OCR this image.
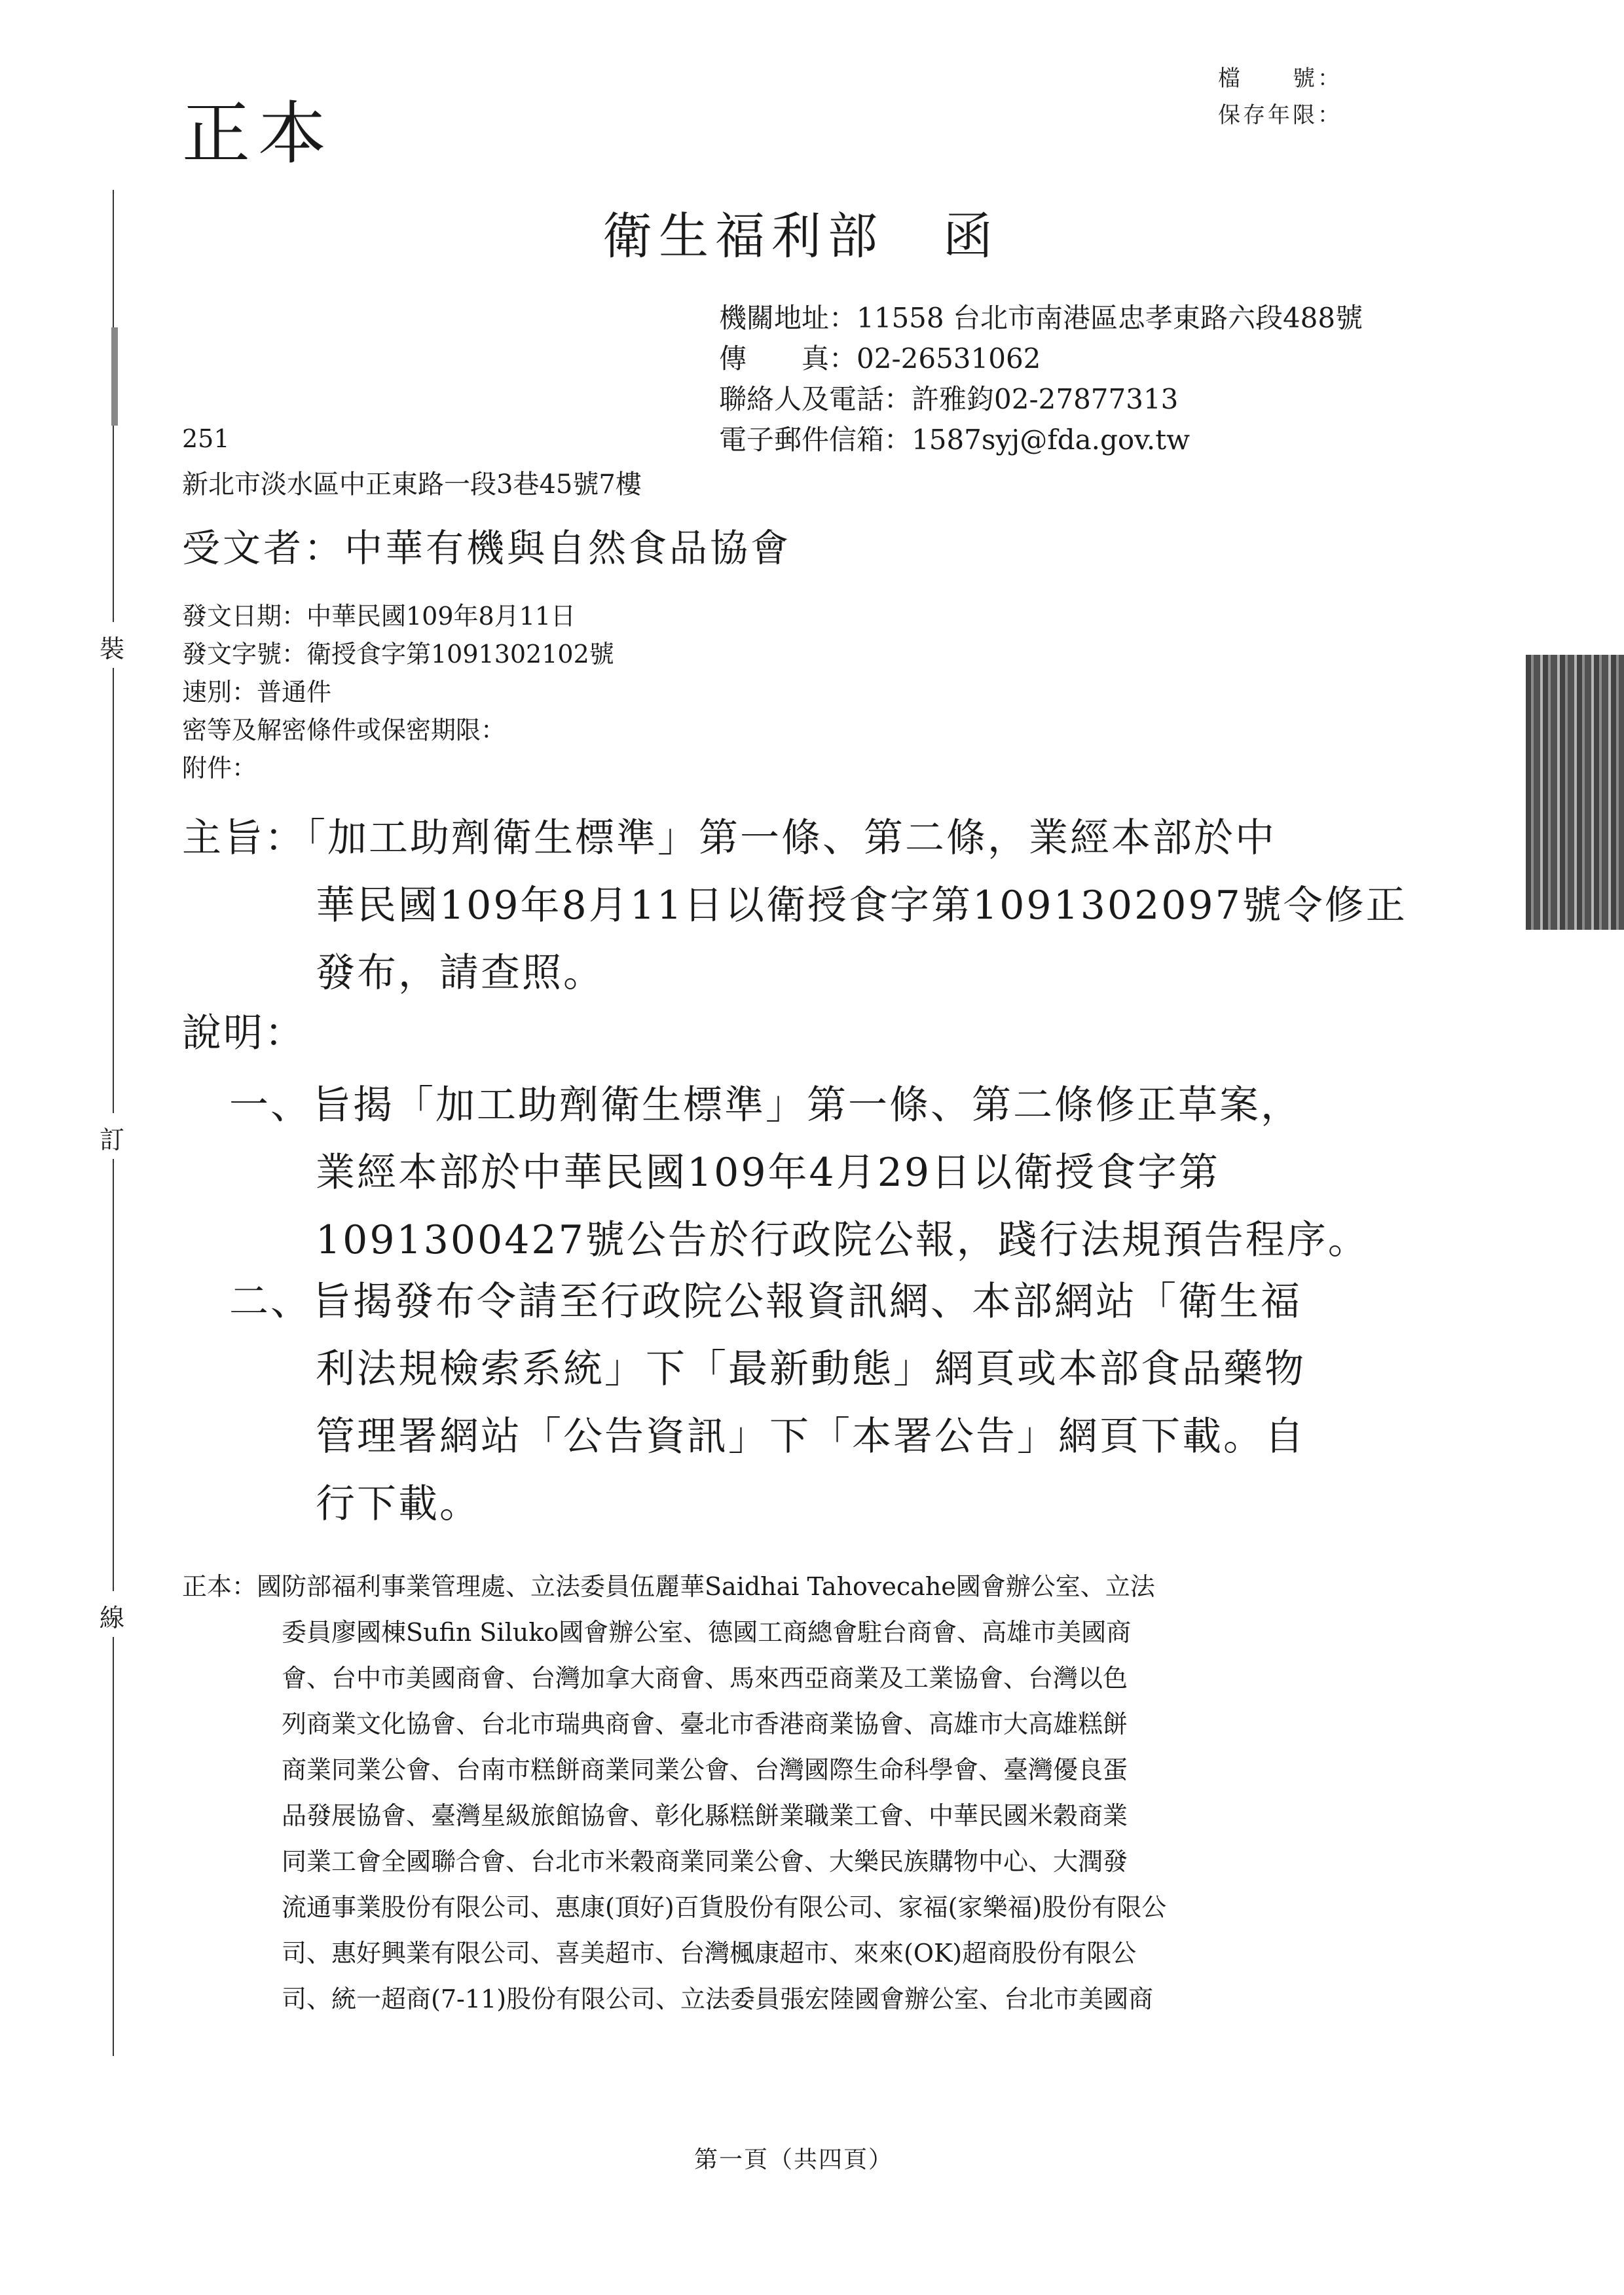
裝
訂
線
正本
檔　　號：
保存年限：
衛生福利部 函
機關地址：11558 台北市南港區忠孝東路六段488號
傳　　真：02-26531062
聯絡人及電話：許雅鈞02-27877313
電子郵件信箱：1587syj@fda.gov.tw
251
新北市淡水區中正東路一段3巷45號7樓
受文者：中華有機與自然食品協會
發文日期：中華民國109年8月11日
發文字號：衛授食字第1091302102號
速別：普通件
密等及解密條件或保密期限：
附件：
主旨：「加工助劑衛生標準」第一條、第二條，業經本部於中
華民國109年8月11日以衛授食字第1091302097號令修正
發布，請查照。
說明：
一、旨揭「加工助劑衛生標準」第一條、第二條修正草案，
業經本部於中華民國109年4月29日以衛授食字第
1091300427號公告於行政院公報，踐行法規預告程序。
二、旨揭發布令請至行政院公報資訊網、本部網站「衛生福
利法規檢索系統」下「最新動態」網頁或本部食品藥物
管理署網站「公告資訊」下「本署公告」網頁下載。自
行下載。
正本：國防部福利事業管理處、立法委員伍麗華Saidhai Tahovecahe國會辦公室、立法
委員廖國棟Sufin Siluko國會辦公室、德國工商總會駐台商會、高雄市美國商
會、台中市美國商會、台灣加拿大商會、馬來西亞商業及工業協會、台灣以色
列商業文化協會、台北市瑞典商會、臺北市香港商業協會、高雄市大高雄糕餅
商業同業公會、台南市糕餅商業同業公會、台灣國際生命科學會、臺灣優良蛋
品發展協會、臺灣星級旅館協會、彰化縣糕餅業職業工會、中華民國米穀商業
同業工會全國聯合會、台北市米穀商業同業公會、大樂民族購物中心、大潤發
流通事業股份有限公司、惠康(頂好)百貨股份有限公司、家福(家樂福)股份有限公
司、惠好興業有限公司、喜美超市、台灣楓康超市、來來(OK)超商股份有限公
司、統一超商(7-11)股份有限公司、立法委員張宏陸國會辦公室、台北市美國商
第一頁（共四頁）
